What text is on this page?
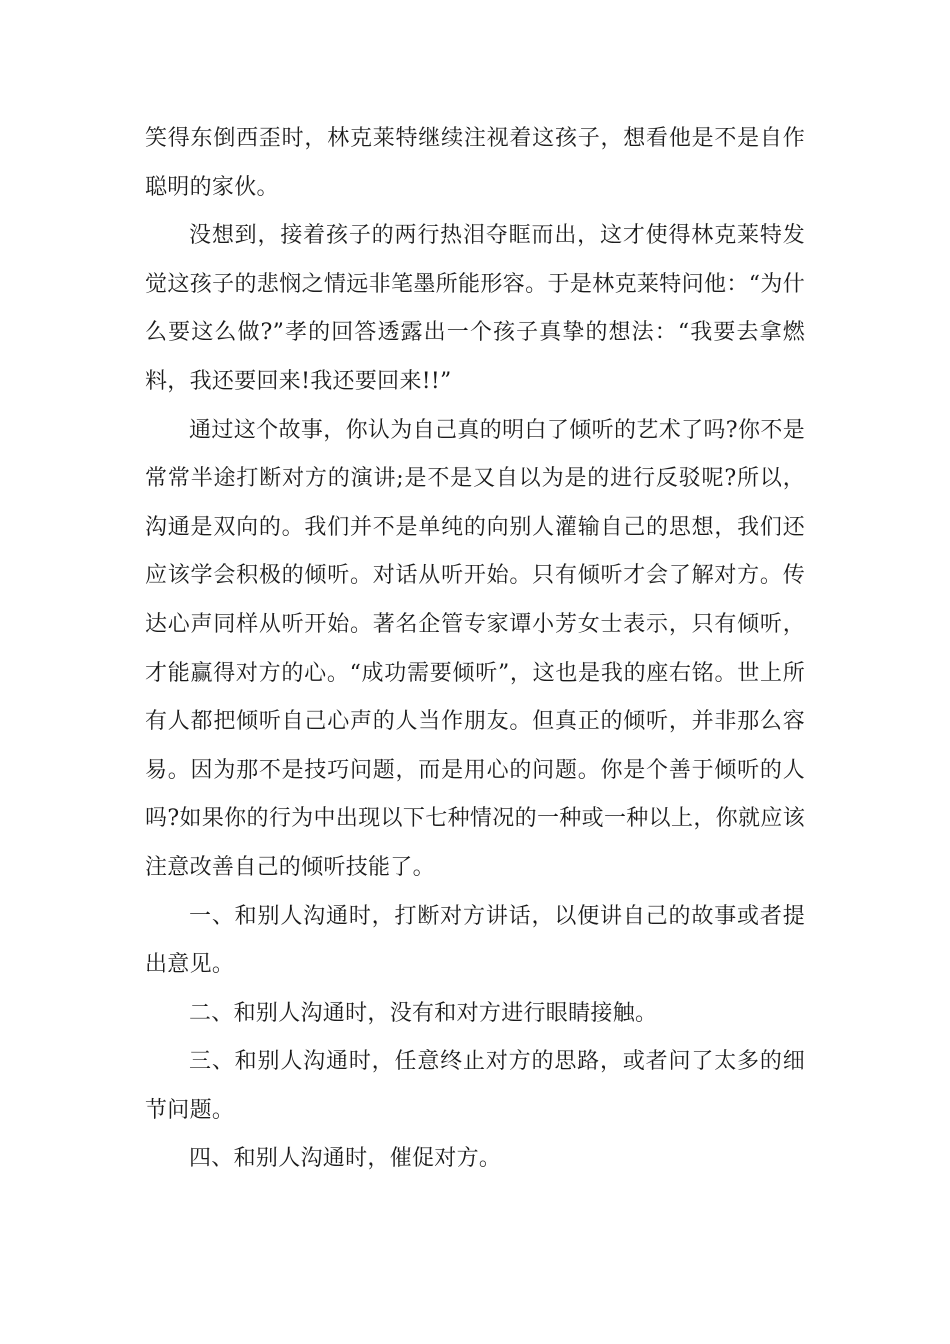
笑得东倒西歪时，林克莱特继续注视着这孩子，想看他是不是自作聪明的家伙。

没想到，接着孩子的两行热泪夺眶而出，这才使得林克莱特发觉这孩子的悲悯之情远非笔墨所能形容。于是林克莱特问他：“为什么要这么做?”孝的回答透露出一个孩子真挚的想法：“我要去拿燃料，我还要回来!我还要回来!!”

通过这个故事，你认为自己真的明白了倾听的艺术了吗?你不是常常半途打断对方的演讲;是不是又自以为是的进行反驳呢?所以，沟通是双向的。我们并不是单纯的向别人灌输自己的思想，我们还应该学会积极的倾听。对话从听开始。只有倾听才会了解对方。传达心声同样从听开始。著名企管专家谭小芳女士表示，只有倾听，才能赢得对方的心。“成功需要倾听”，这也是我的座右铭。世上所有人都把倾听自己心声的人当作朋友。但真正的倾听，并非那么容易。因为那不是技巧问题，而是用心的问题。你是个善于倾听的人吗?如果你的行为中出现以下七种情况的一种或一种以上，你就应该注意改善自己的倾听技能了。

一、和别人沟通时，打断对方讲话，以便讲自己的故事或者提出意见。

二、和别人沟通时，没有和对方进行眼睛接触。

三、和别人沟通时，任意终止对方的思路，或者问了太多的细节问题。

四、和别人沟通时，催促对方。
